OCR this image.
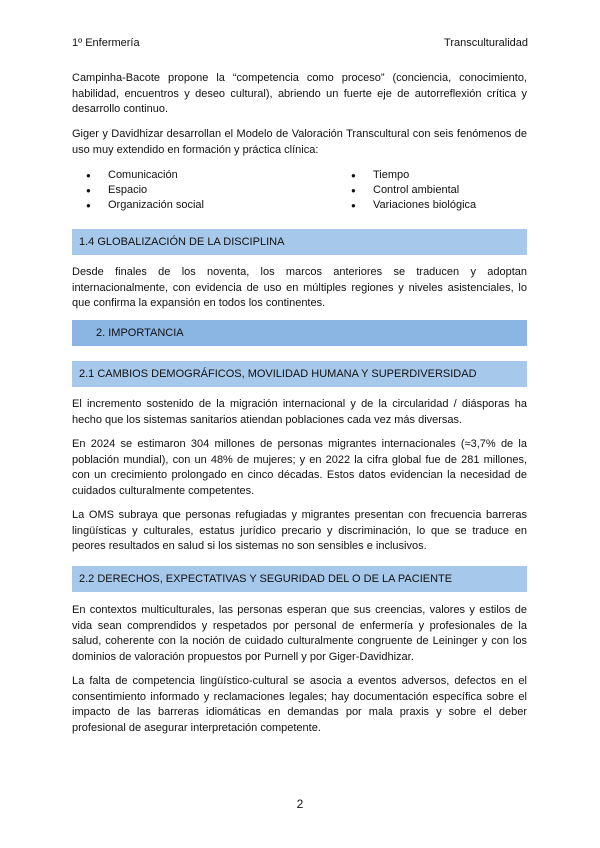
1º Enfermería	Transculturalidad

Campinha-Bacote propone la “competencia como proceso” (conciencia, conocimiento, habilidad, encuentros y deseo cultural), abriendo un fuerte eje de autorreflexión crítica y desarrollo continuo.

Giger y Davidhizar desarrollan el Modelo de Valoración Transcultural con seis fenómenos de uso muy extendido en formación y práctica clínica:

● Comunicación
● Espacio
● Organización social
● Tiempo
● Control ambiental
● Variaciones biológica
1.4 GLOBALIZACIÓN DE LA DISCIPLINA

Desde finales de los noventa, los marcos anteriores se traducen y adoptan internacionalmente, con evidencia de uso en múltiples regiones y niveles asistenciales, lo que confirma la expansión en todos los continentes.

2. IMPORTANCIA
2.1 CAMBIOS DEMOGRÁFICOS, MOVILIDAD HUMANA Y SUPERDIVERSIDAD

El incremento sostenido de la migración internacional y de la circularidad / diásporas ha hecho que los sistemas sanitarios atiendan poblaciones cada vez más diversas.

En 2024 se estimaron 304 millones de personas migrantes internacionales (≈3,7% de la población mundial), con un 48% de mujeres; y en 2022 la cifra global fue de 281 millones, con un crecimiento prolongado en cinco décadas. Estos datos evidencian la necesidad de cuidados culturalmente competentes.

La OMS subraya que personas refugiadas y migrantes presentan con frecuencia barreras lingüísticas y culturales, estatus jurídico precario y discriminación, lo que se traduce en peores resultados en salud si los sistemas no son sensibles e inclusivos.

2.2 DERECHOS, EXPECTATIVAS Y SEGURIDAD DEL O DE LA PACIENTE

En contextos multiculturales, las personas esperan que sus creencias, valores y estilos de vida sean comprendidos y respetados por personal de enfermería y profesionales de la salud, coherente con la noción de cuidado culturalmente congruente de Leininger y con los dominios de valoración propuestos por Purnell y por Giger-Davidhizar.

La falta de competencia lingüístico-cultural se asocia a eventos adversos, defectos en el consentimiento informado y reclamaciones legales; hay documentación específica sobre el impacto de las barreras idiomáticas en demandas por mala praxis y sobre el deber profesional de asegurar interpretación competente.

2
